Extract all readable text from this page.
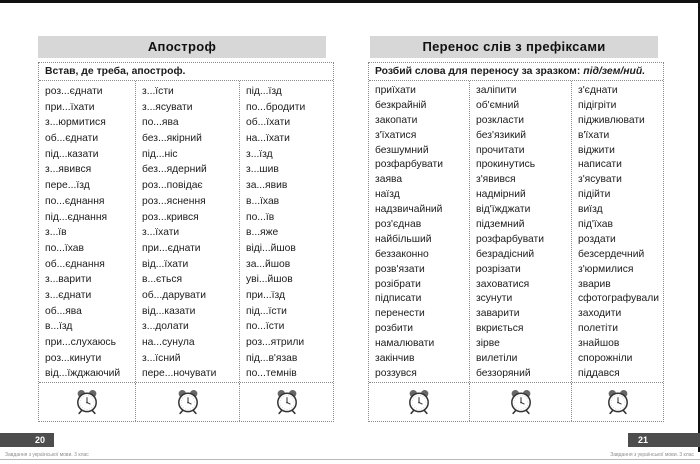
Апостроф
Встав, де треба, апостроф.
роз...єднати
при...їхати
з...юрмитися
об...єднати
під...казати
з...явився
пере...їзд
по...єднання
під...єднання
з...їв
по...їхав
об...єднання
з...варити
з...єднати
об...ява
в...їзд
при...слухаюсь
роз...кинути
від...їжджаючий
з...їсти
з...ясувати
по...ява
без...якірний
під...ніс
без...ядерний
роз...повідає
роз...яснення
роз...крився
з...їхати
при...єднати
від...їхати
в...ється
об...дарувати
від...казати
з...долати
на...сунула
з...їсний
пере...ночувати
під...їзд
по...бродити
об...їхати
на...їхати
з...їзд
з...шив
за...явив
в...їхав
по...їв
в...яже
віді...йшов
за...йшов
уві...йшов
при...їзд
під...їсти
по...їсти
роз...ятрили
під...в'язав
по...темнів
20
Завдання з української мови. 3 клас
Перенос слів з префіксами
Розбий слова для переносу за зразком: під/зем/ний.
приїхати
безкрайній
закопати
з'їхатися
безшумний
розфарбувати
заява
наїзд
надзвичайний
роз'єднав
найбільший
беззаконно
розв'язати
розібрати
підписати
перенести
розбити
намалювати
закінчив
роззувся
заліпити
об'ємний
розкласти
без'язикий
прочитати
прокинутись
з'явився
надмірний
від'їжджати
підземний
розфарбувати
безрадісний
розрізати
заховатися
зсунути
заварити
вкриється
зірве
вилетіли
беззоряний
з'єднати
підігріти
підживлювати
в'їхати
віджити
написати
з'ясувати
підійти
виїзд
під'їхав
роздати
безсердечний
з'юрмилися
зварив
сфотографували
заходити
полетіти
знайшов
спорожніли
піддався
21
Завдання з української мови. 3 клас
